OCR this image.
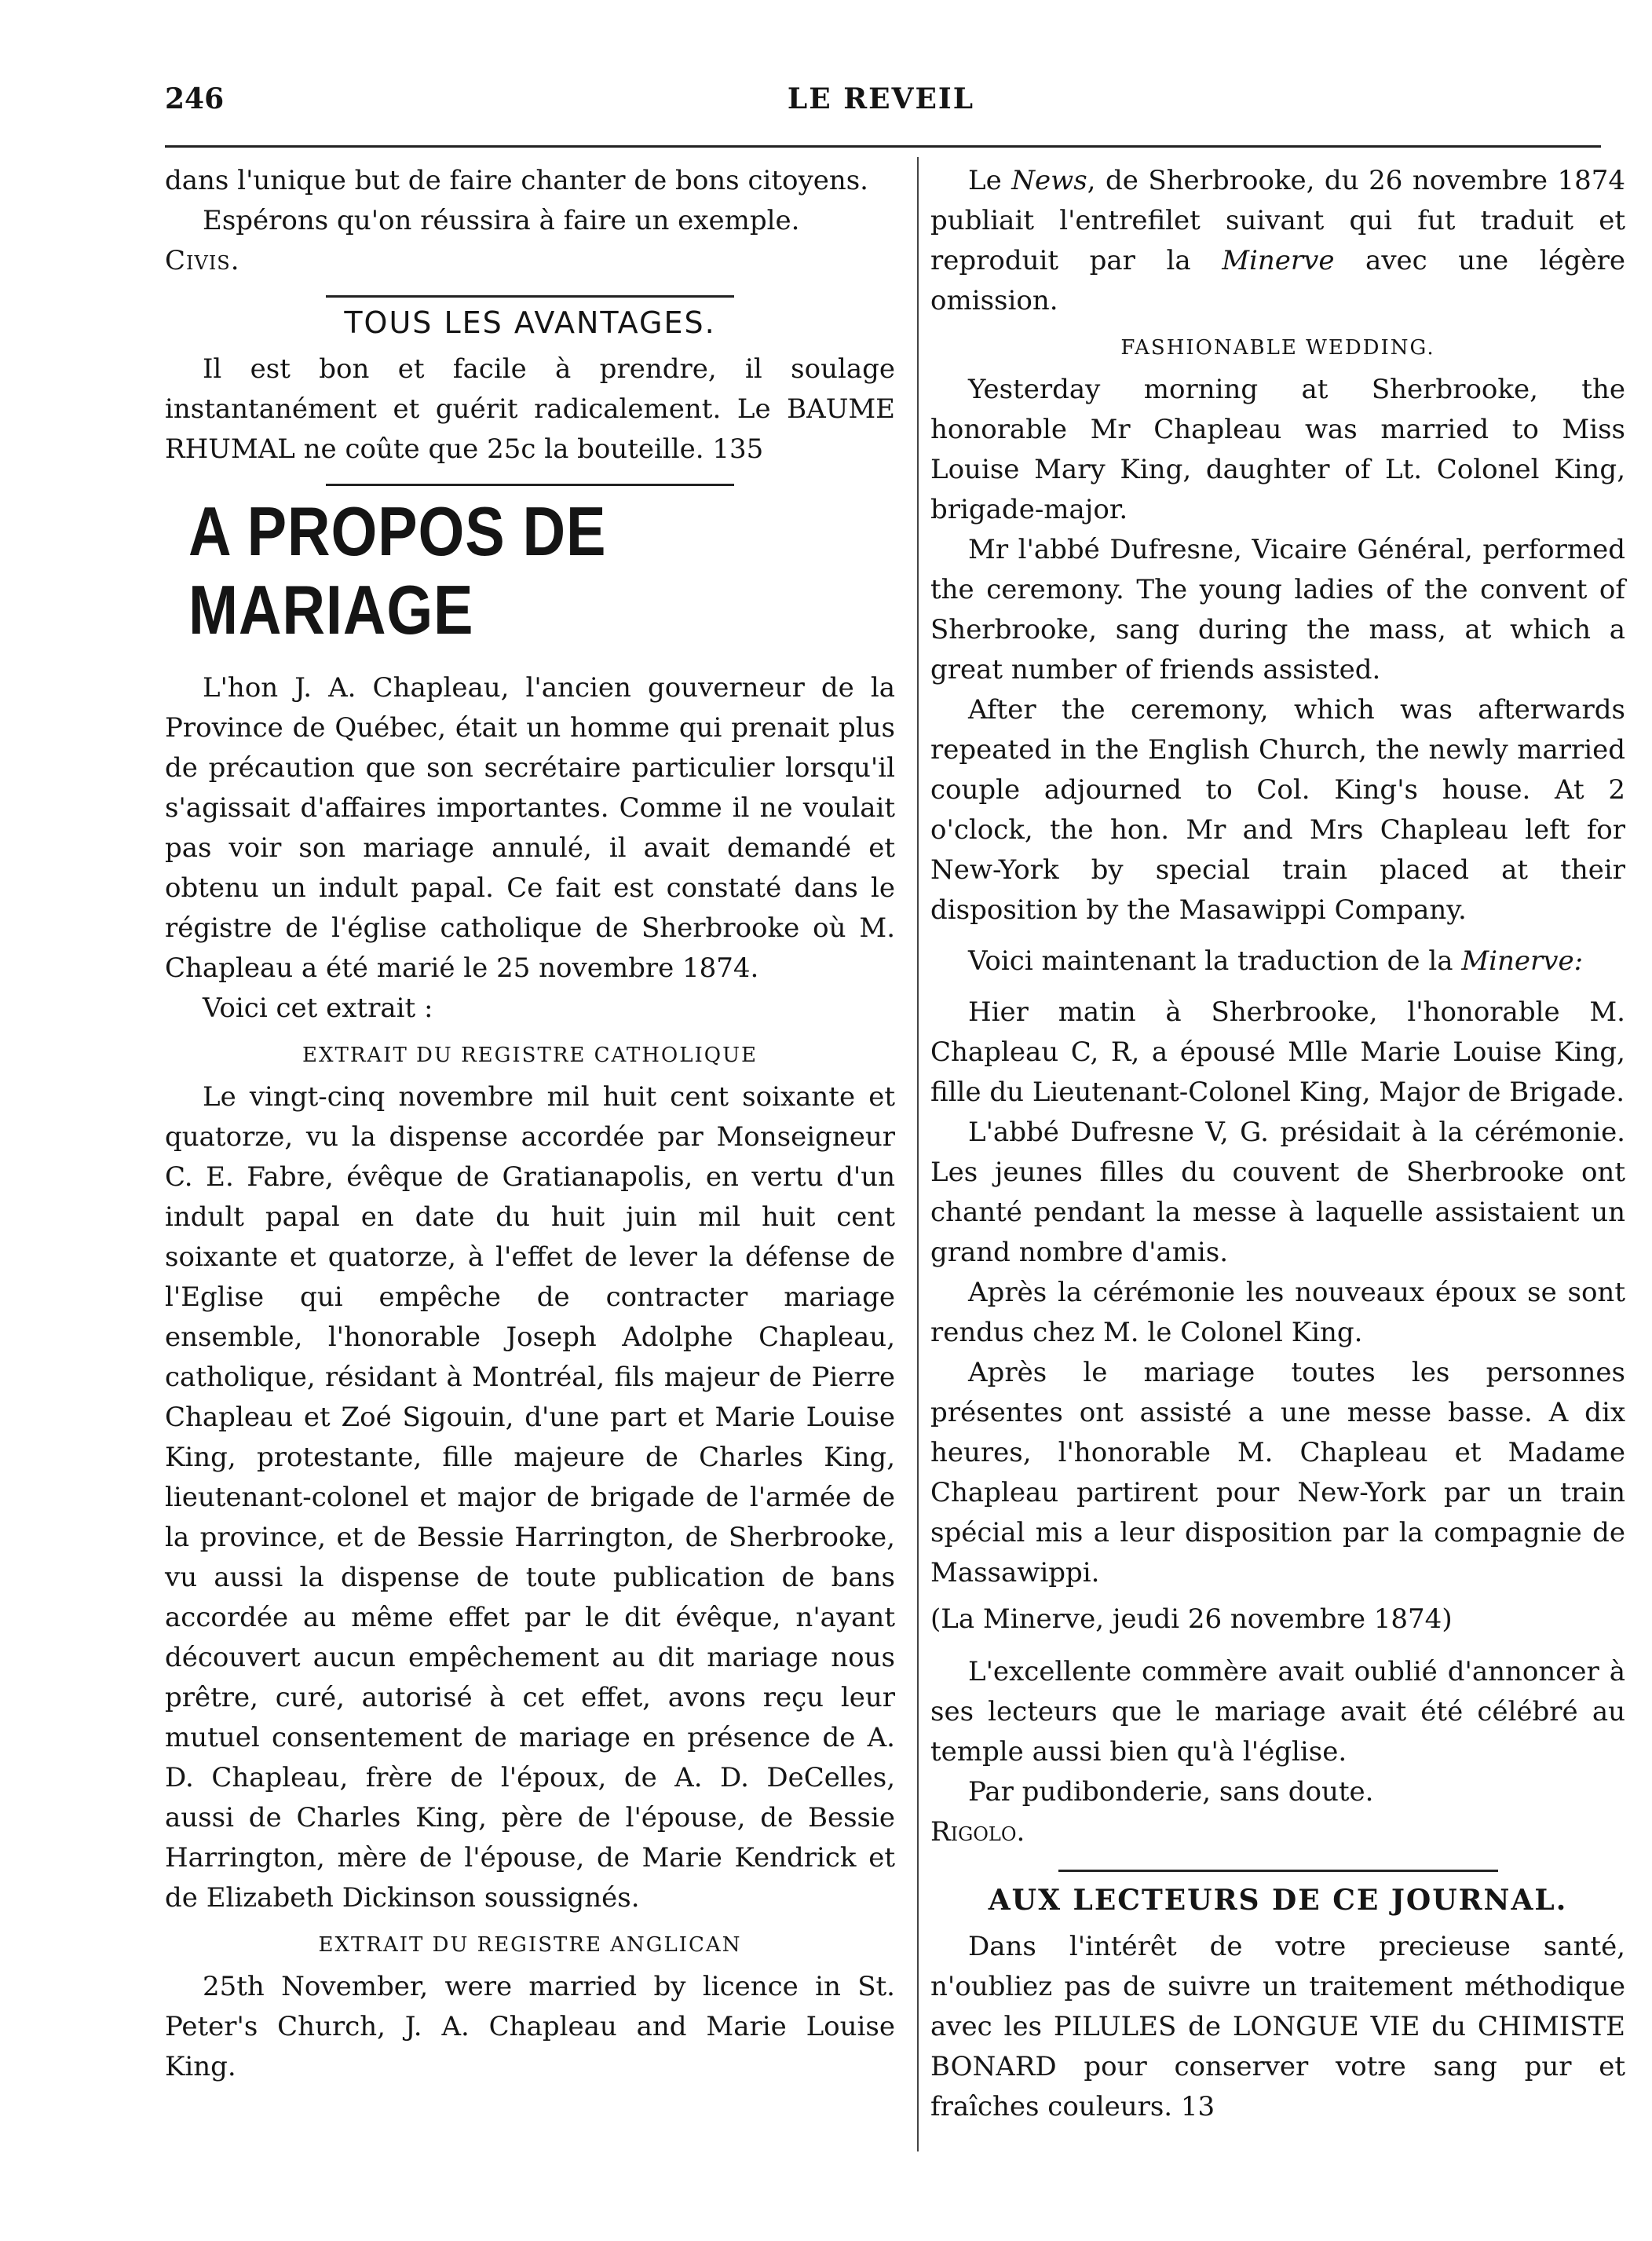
246	LE REVEIL

dans l'unique but de faire chanter de bons citoyens.

Espérons qu'on réussira à faire un exemple.

Civis.

TOUS LES AVANTAGES.

Il est bon et facile à prendre, il soulage instantanément et guérit radicalement. Le BAUME RHUMAL ne coûte que 25c la bouteille. 135

A PROPOS DE MARIAGE

L'hon J. A. Chapleau, l'ancien gouverneur de la Province de Québec, était un homme qui prenait plus de précaution que son secrétaire particulier lorsqu'il s'agissait d'affaires importantes. Comme il ne voulait pas voir son mariage annulé, il avait demandé et obtenu un indult papal. Ce fait est constaté dans le régistre de l'église catholique de Sherbrooke où M. Chapleau a été marié le 25 novembre 1874.

Voici cet extrait :

EXTRAIT DU REGISTRE CATHOLIQUE

Le vingt-cinq novembre mil huit cent soixante et quatorze, vu la dispense accordée par Monseigneur C. E. Fabre, évêque de Gratianapolis, en vertu d'un indult papal en date du huit juin mil huit cent soixante et quatorze, à l'effet de lever la défense de l'Eglise qui empêche de contracter mariage ensemble, l'honorable Joseph Adolphe Chapleau, catholique, résidant à Montréal, fils majeur de Pierre Chapleau et Zoé Sigouin, d'une part et Marie Louise King, protestante, fille majeure de Charles King, lieutenant-colonel et major de brigade de l'armée de la province, et de Bessie Harrington, de Sherbrooke, vu aussi la dispense de toute publication de bans accordée au même effet par le dit évêque, n'ayant découvert aucun empêchement au dit mariage nous prêtre, curé, autorisé à cet effet, avons reçu leur mutuel consentement de mariage en présence de A. D. Chapleau, frère de l'époux, de A. D. DeCelles, aussi de Charles King, père de l'épouse, de Bessie Harrington, mère de l'épouse, de Marie Kendrick et de Elizabeth Dickinson soussignés.

EXTRAIT DU REGISTRE ANGLICAN

25th November, were married by licence in St. Peter's Church, J. A. Chapleau and Marie Louise King.

Le News, de Sherbrooke, du 26 novembre 1874 publiait l'entrefilet suivant qui fut traduit et reproduit par la Minerve avec une légère omission.

FASHIONABLE WEDDING.

Yesterday morning at Sherbrooke, the honorable Mr Chapleau was married to Miss Louise Mary King, daughter of Lt. Colonel King, brigade-major.

Mr l'abbé Dufresne, Vicaire Général, performed the ceremony. The young ladies of the convent of Sherbrooke, sang during the mass, at which a great number of friends assisted.

After the ceremony, which was afterwards repeated in the English Church, the newly married couple adjourned to Col. King's house. At 2 o'clock, the hon. Mr and Mrs Chapleau left for New-York by special train placed at their disposition by the Masawippi Company.

Voici maintenant la traduction de la Minerve:

Hier matin à Sherbrooke, l'honorable M. Chapleau C, R, a épousé Mlle Marie Louise King, fille du Lieutenant-Colonel King, Major de Brigade.

L'abbé Dufresne V, G. présidait à la cérémonie. Les jeunes filles du couvent de Sherbrooke ont chanté pendant la messe à laquelle assistaient un grand nombre d'amis.

Après la cérémonie les nouveaux époux se sont rendus chez M. le Colonel King.

Après le mariage toutes les personnes présentes ont assisté a une messe basse. A dix heures, l'honorable M. Chapleau et Madame Chapleau partirent pour New-York par un train spécial mis a leur disposition par la compagnie de Massawippi.

(La Minerve, jeudi 26 novembre 1874)

L'excellente commère avait oublié d'annoncer à ses lecteurs que le mariage avait été célébré au temple aussi bien qu'à l'église.

Par pudibonderie, sans doute.

Rigolo.

AUX LECTEURS DE CE JOURNAL.

Dans l'intérêt de votre precieuse santé, n'oubliez pas de suivre un traitement méthodique avec les PILULES de LONGUE VIE du CHIMISTE BONARD pour conserver votre sang pur et fraîches couleurs. 13
